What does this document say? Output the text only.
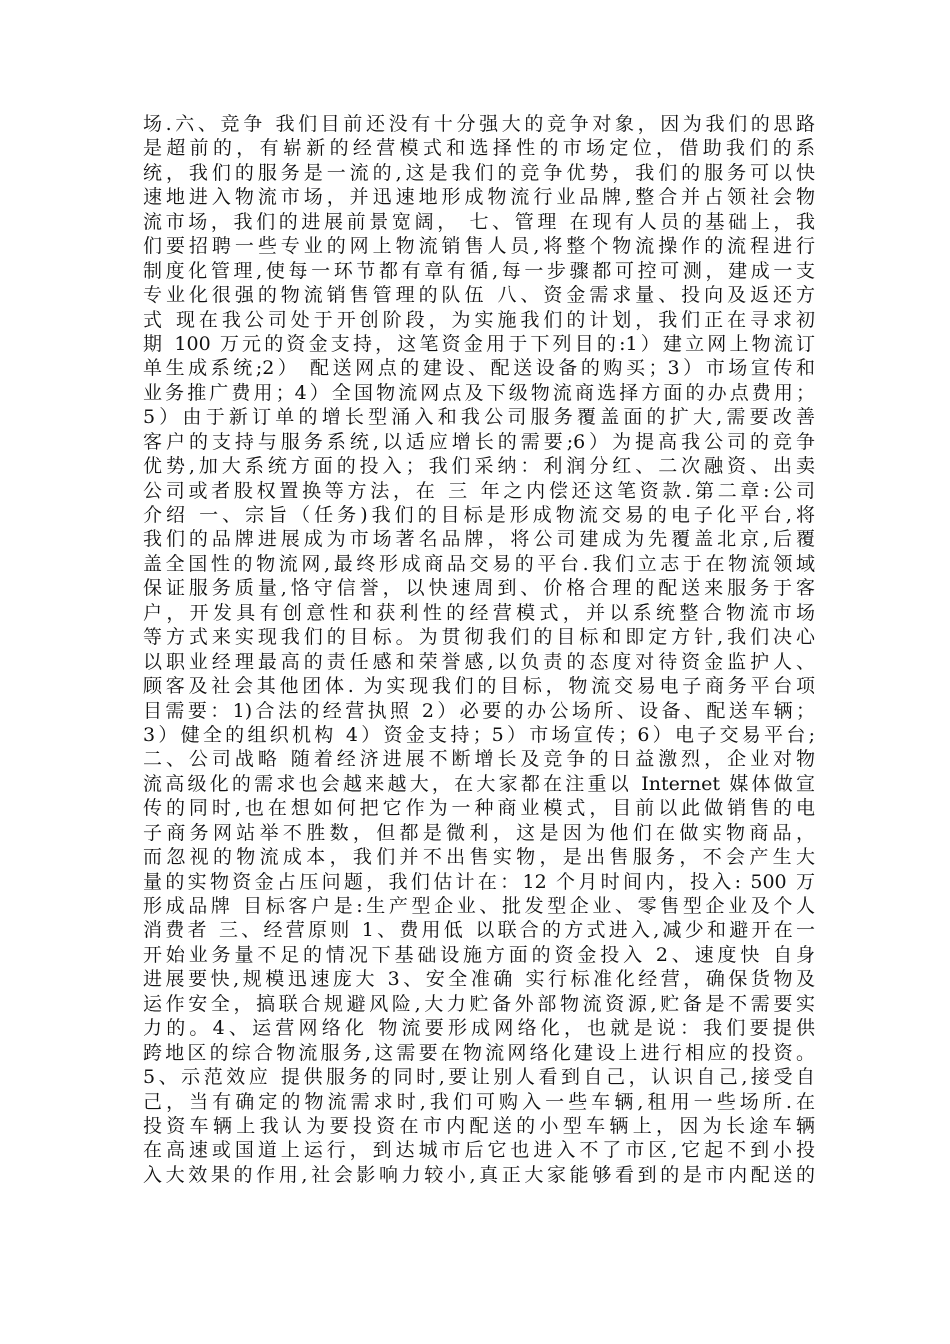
场.六、竞争 我们目前还没有十分强大的竞争对象，因为我们的思路
是超前的，有崭新的经营模式和选择性的市场定位，借助我们的系
统，我们的服务是一流的,这是我们的竞争优势，我们的服务可以快
速地进入物流市场，并迅速地形成物流行业品牌,整合并占领社会物
流市场，我们的进展前景宽阔， 七、管理 在现有人员的基础上，我
们要招聘一些专业的网上物流销售人员,将整个物流操作的流程进行
制度化管理,使每一环节都有章有循,每一步骤都可控可测，建成一支
专业化很强的物流销售管理的队伍 八、资金需求量、投向及返还方
式 现在我公司处于开创阶段，为实施我们的计划，我们正在寻求初
期 100 万元的资金支持，这笔资金用于下列目的:1）建立网上物流订
单生成系统;2） 配送网点的建设、配送设备的购买；3）市场宣传和
业务推广费用；4）全国物流网点及下级物流商选择方面的办点费用；
5）由于新订单的增长型涌入和我公司服务覆盖面的扩大,需要改善
客户的支持与服务系统,以适应增长的需要;6）为提高我公司的竞争
优势,加大系统方面的投入；我们采纳：利润分红、二次融资、出卖
公司或者股权置换等方法，在 三 年之内偿还这笔资款.第二章:公司
介绍 一、宗旨（任务)我们的目标是形成物流交易的电子化平台,将
我们的品牌进展成为市场著名品牌，将公司建成为先覆盖北京,后覆
盖全国性的物流网,最终形成商品交易的平台.我们立志于在物流领域
保证服务质量,恪守信誉，以快速周到、价格合理的配送来服务于客
户，开发具有创意性和获利性的经营模式，并以系统整合物流市场
等方式来实现我们的目标。为贯彻我们的目标和即定方针,我们决心
以职业经理最高的责任感和荣誉感,以负责的态度对待资金监护人、
顾客及社会其他团体. 为实现我们的目标，物流交易电子商务平台项
目需要：1)合法的经营执照 2）必要的办公场所、设备、配送车辆；
3）健全的组织机构 4）资金支持；5）市场宣传；6）电子交易平台;
二、公司战略 随着经济进展不断增长及竞争的日益激烈，企业对物
流高级化的需求也会越来越大，在大家都在注重以 Internet 媒体做宣
传的同时,也在想如何把它作为一种商业模式，目前以此做销售的电
子商务网站举不胜数，但都是微利，这是因为他们在做实物商品，
而忽视的物流成本，我们并不出售实物，是出售服务，不会产生大
量的实物资金占压问题，我们估计在：12 个月时间内，投入: 500 万
形成品牌 目标客户是:生产型企业、批发型企业、零售型企业及个人
消费者 三、经营原则 1、费用低 以联合的方式进入,减少和避开在一
开始业务量不足的情况下基础设施方面的资金投入 2、速度快 自身
进展要快,规模迅速庞大 3、安全准确 实行标准化经营，确保货物及
运作安全，搞联合规避风险,大力贮备外部物流资源,贮备是不需要实
力的。4、运营网络化 物流要形成网络化，也就是说：我们要提供
跨地区的综合物流服务,这需要在物流网络化建设上进行相应的投资。
5、示范效应 提供服务的同时,要让别人看到自己，认识自己,接受自
己，当有确定的物流需求时,我们可购入一些车辆,租用一些场所.在
投资车辆上我认为要投资在市内配送的小型车辆上，因为长途车辆
在高速或国道上运行，到达城市后它也进入不了市区,它起不到小投
入大效果的作用,社会影响力较小,真正大家能够看到的是市内配送的
